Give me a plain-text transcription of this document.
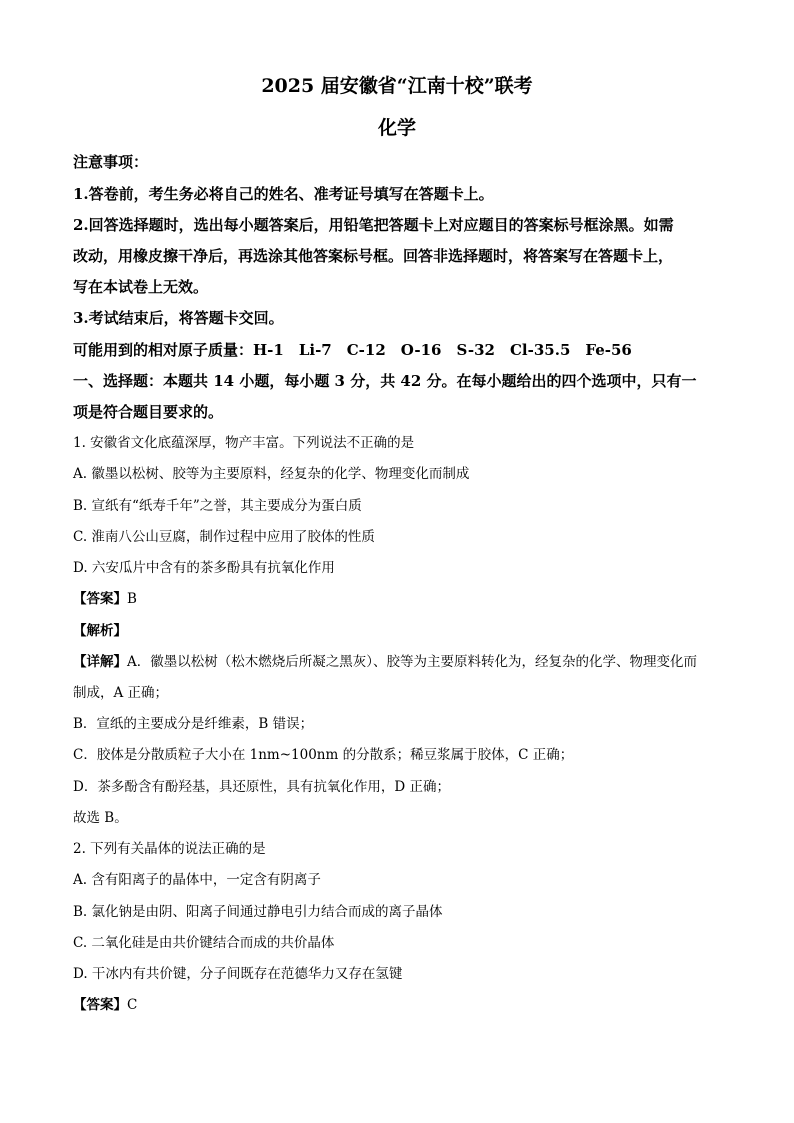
2025 届安徽省“江南十校”联考
化学
注意事项：
1.答卷前，考生务必将自己的姓名、准考证号填写在答题卡上。
2.回答选择题时，选出每小题答案后，用铅笔把答题卡上对应题目的答案标号框涂黑。如需
改动，用橡皮擦干净后，再选涂其他答案标号框。回答非选择题时，将答案写在答题卡上，
写在本试卷上无效。
3.考试结束后，将答题卡交回。
可能用到的相对原子质量：H-1　Li-7　C-12　O-16　S-32　Cl-35.5　Fe-56
一、选择题：本题共 14 小题，每小题 3 分，共 42 分。在每小题给出的四个选项中，只有一
项是符合题目要求的。
1. 安徽省文化底蕴深厚，物产丰富。下列说法不正确的是
A. 徽墨以松树、胶等为主要原料，经复杂的化学、物理变化而制成
B. 宣纸有“纸寿千年”之誉，其主要成分为蛋白质
C. 淮南八公山豆腐，制作过程中应用了胶体的性质
D. 六安瓜片中含有的茶多酚具有抗氧化作用
【答案】B
【解析】
【详解】A．徽墨以松树（松木燃烧后所凝之黑灰）、胶等为主要原料转化为，经复杂的化学、物理变化而
制成，A 正确；
B．宣纸的主要成分是纤维素，B 错误；
C．胶体是分散质粒子大小在 1nm~100nm 的分散系；稀豆浆属于胶体，C 正确；
D．茶多酚含有酚羟基，具还原性，具有抗氧化作用，D 正确；
故选 B。
2. 下列有关晶体的说法正确的是
A. 含有阳离子的晶体中，一定含有阴离子
B. 氯化钠是由阴、阳离子间通过静电引力结合而成的离子晶体
C. 二氧化硅是由共价键结合而成的共价晶体
D. 干冰内有共价键，分子间既存在范德华力又存在氢键
【答案】C
